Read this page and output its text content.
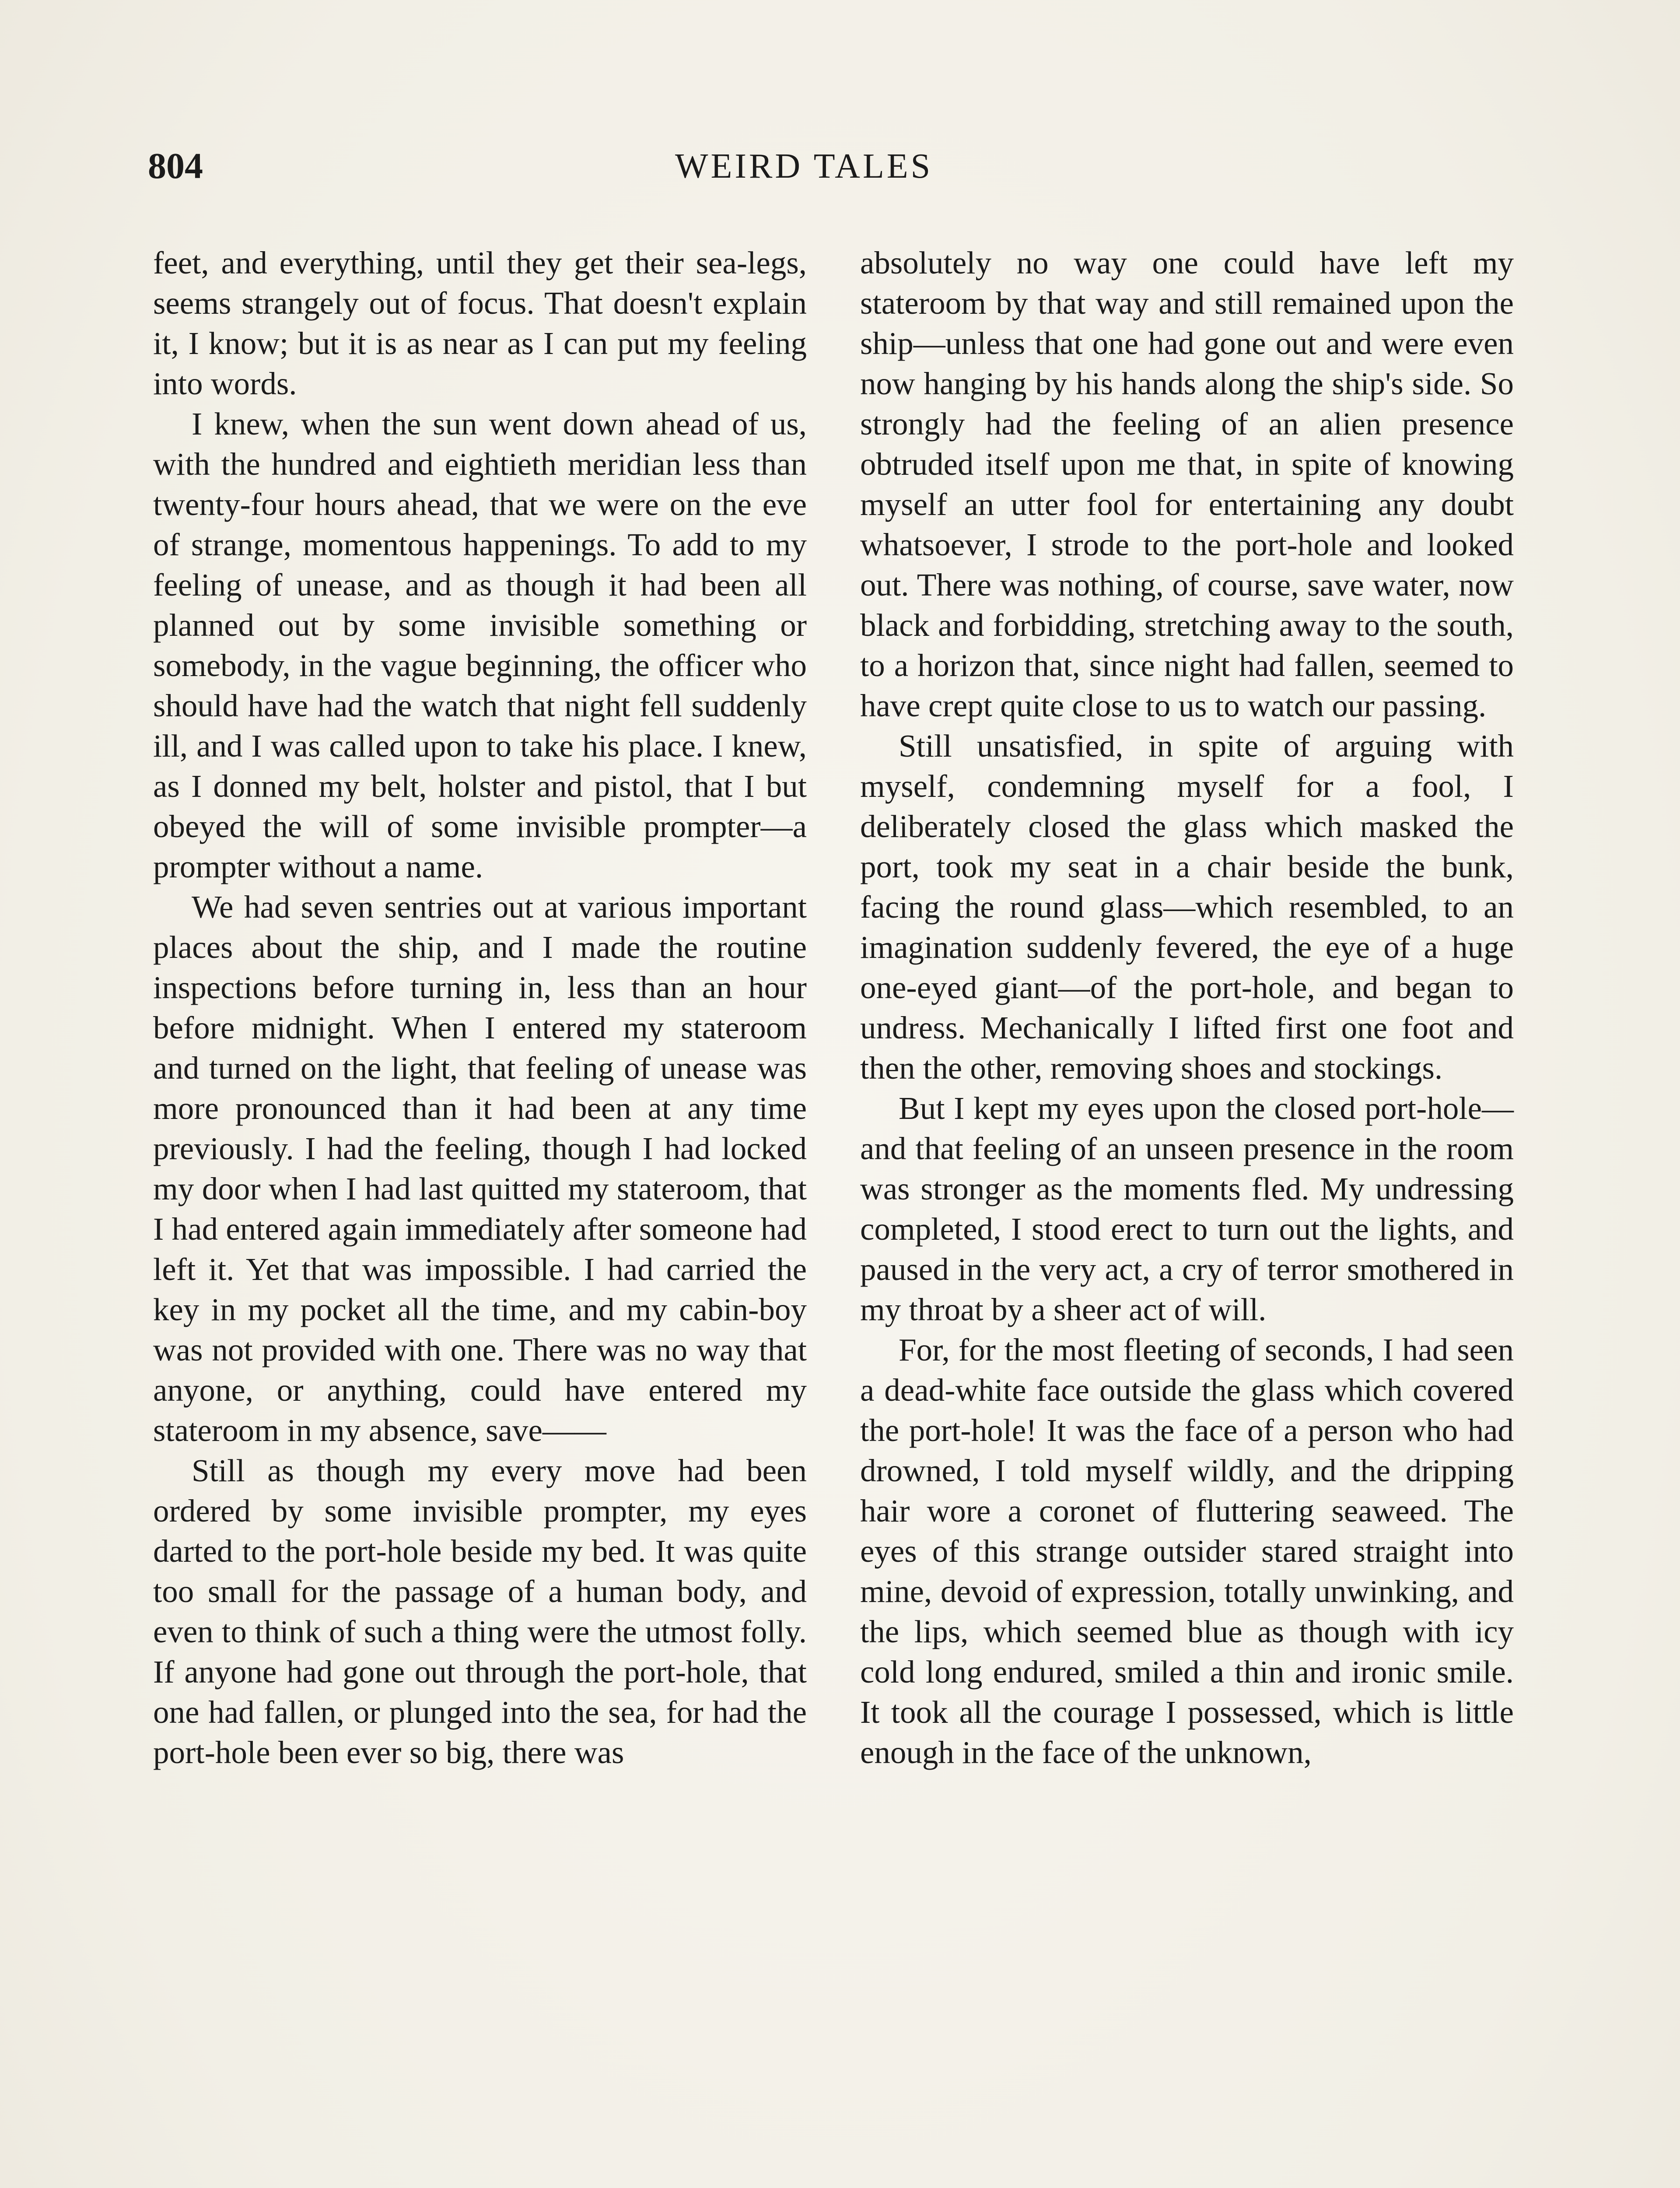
804	WEIRD TALES

feet, and everything, until they get their sea-legs, seems strangely out of focus. That doesn't explain it, I know; but it is as near as I can put my feeling into words.

I knew, when the sun went down ahead of us, with the hundred and eightieth meridian less than twenty-four hours ahead, that we were on the eve of strange, momentous happenings. To add to my feeling of unease, and as though it had been all planned out by some invisible something or somebody, in the vague beginning, the officer who should have had the watch that night fell suddenly ill, and I was called upon to take his place. I knew, as I donned my belt, holster and pistol, that I but obeyed the will of some invisible prompter—a prompter without a name.

We had seven sentries out at various important places about the ship, and I made the routine inspections before turning in, less than an hour before midnight. When I entered my stateroom and turned on the light, that feeling of unease was more pronounced than it had been at any time previously. I had the feeling, though I had locked my door when I had last quitted my stateroom, that I had entered again immediately after someone had left it. Yet that was impossible. I had carried the key in my pocket all the time, and my cabin-boy was not provided with one. There was no way that anyone, or anything, could have entered my stateroom in my absence, save——

Still as though my every move had been ordered by some invisible prompter, my eyes darted to the port-hole beside my bed. It was quite too small for the passage of a human body, and even to think of such a thing were the utmost folly. If anyone had gone out through the port-hole, that one had fallen, or plunged into the sea, for had the port-hole been ever so big, there was

absolutely no way one could have left my stateroom by that way and still remained upon the ship—unless that one had gone out and were even now hanging by his hands along the ship's side. So strongly had the feeling of an alien presence obtruded itself upon me that, in spite of knowing myself an utter fool for entertaining any doubt whatsoever, I strode to the port-hole and looked out. There was nothing, of course, save water, now black and forbidding, stretching away to the south, to a horizon that, since night had fallen, seemed to have crept quite close to us to watch our passing.

Still unsatisfied, in spite of arguing with myself, condemning myself for a fool, I deliberately closed the glass which masked the port, took my seat in a chair beside the bunk, facing the round glass—which resembled, to an imagination suddenly fevered, the eye of a huge one-eyed giant—of the port-hole, and began to undress. Mechanically I lifted first one foot and then the other, removing shoes and stockings.

But I kept my eyes upon the closed port-hole—and that feeling of an unseen presence in the room was stronger as the moments fled. My undressing completed, I stood erect to turn out the lights, and paused in the very act, a cry of terror smothered in my throat by a sheer act of will.

For, for the most fleeting of seconds, I had seen a dead-white face outside the glass which covered the port-hole! It was the face of a person who had drowned, I told myself wildly, and the dripping hair wore a coronet of fluttering seaweed. The eyes of this strange outsider stared straight into mine, devoid of expression, totally unwinking, and the lips, which seemed blue as though with icy cold long endured, smiled a thin and ironic smile. It took all the courage I possessed, which is little enough in the face of the unknown,
